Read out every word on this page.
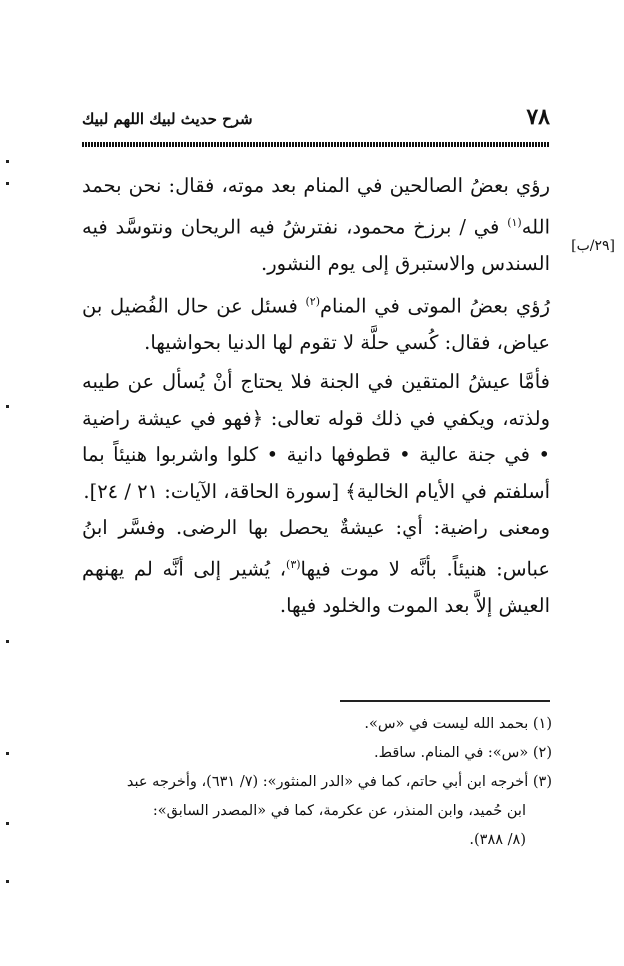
٧٨
شرح حديث لبيك اللهم لبيك
[٢٩/ب]

رؤي بعضُ الصالحين في المنام بعد موته، فقال: نحن بحمد الله$^{(١)}$ في / برزخ محمود، نفترشُ فيه الريحان ونتوسَّد فيه السندس والاستبرق إلى يوم النشور.

رُؤي بعضُ الموتى في المنام$^{(٢)}$ فسئل عن حال الفُضيل بن عياض، فقال: كُسي حلَّة لا تقوم لها الدنيا بحواشيها.

فأمَّا عيشُ المتقين في الجنة فلا يحتاج أنْ يُسأل عن طيبه ولذته، ويكفي في ذلك قوله تعالى: ﴿فهو في عيشة راضية • في جنة عالية • قطوفها دانية • كلوا واشربوا هنيئاً بما أسلفتم في الأيام الخالية﴾ [سورة الحاقة، الآيات: ٢١ / ٢٤].

ومعنى راضية: أي: عيشةٌ يحصل بها الرضى. وفسَّر ابنُ عباس: هنيئاً. بأنَّه لا موت فيها$^{(٣)}$، يُشير إلى أنَّه لم يهنهم العيش إلاَّ بعد الموت والخلود فيها.

(١) بحمد الله ليست في «س».

(٢) «س»: في المنام. ساقط.

(٣) أخرجه ابن أبي حاتم، كما في «الدر المنثور»: (٧/ ٦٣١)، وأخرجه عبد

ابن حُميد، وابن المنذر، عن عكرمة، كما في «المصدر السابق»:

(٨/ ٣٨٨).
